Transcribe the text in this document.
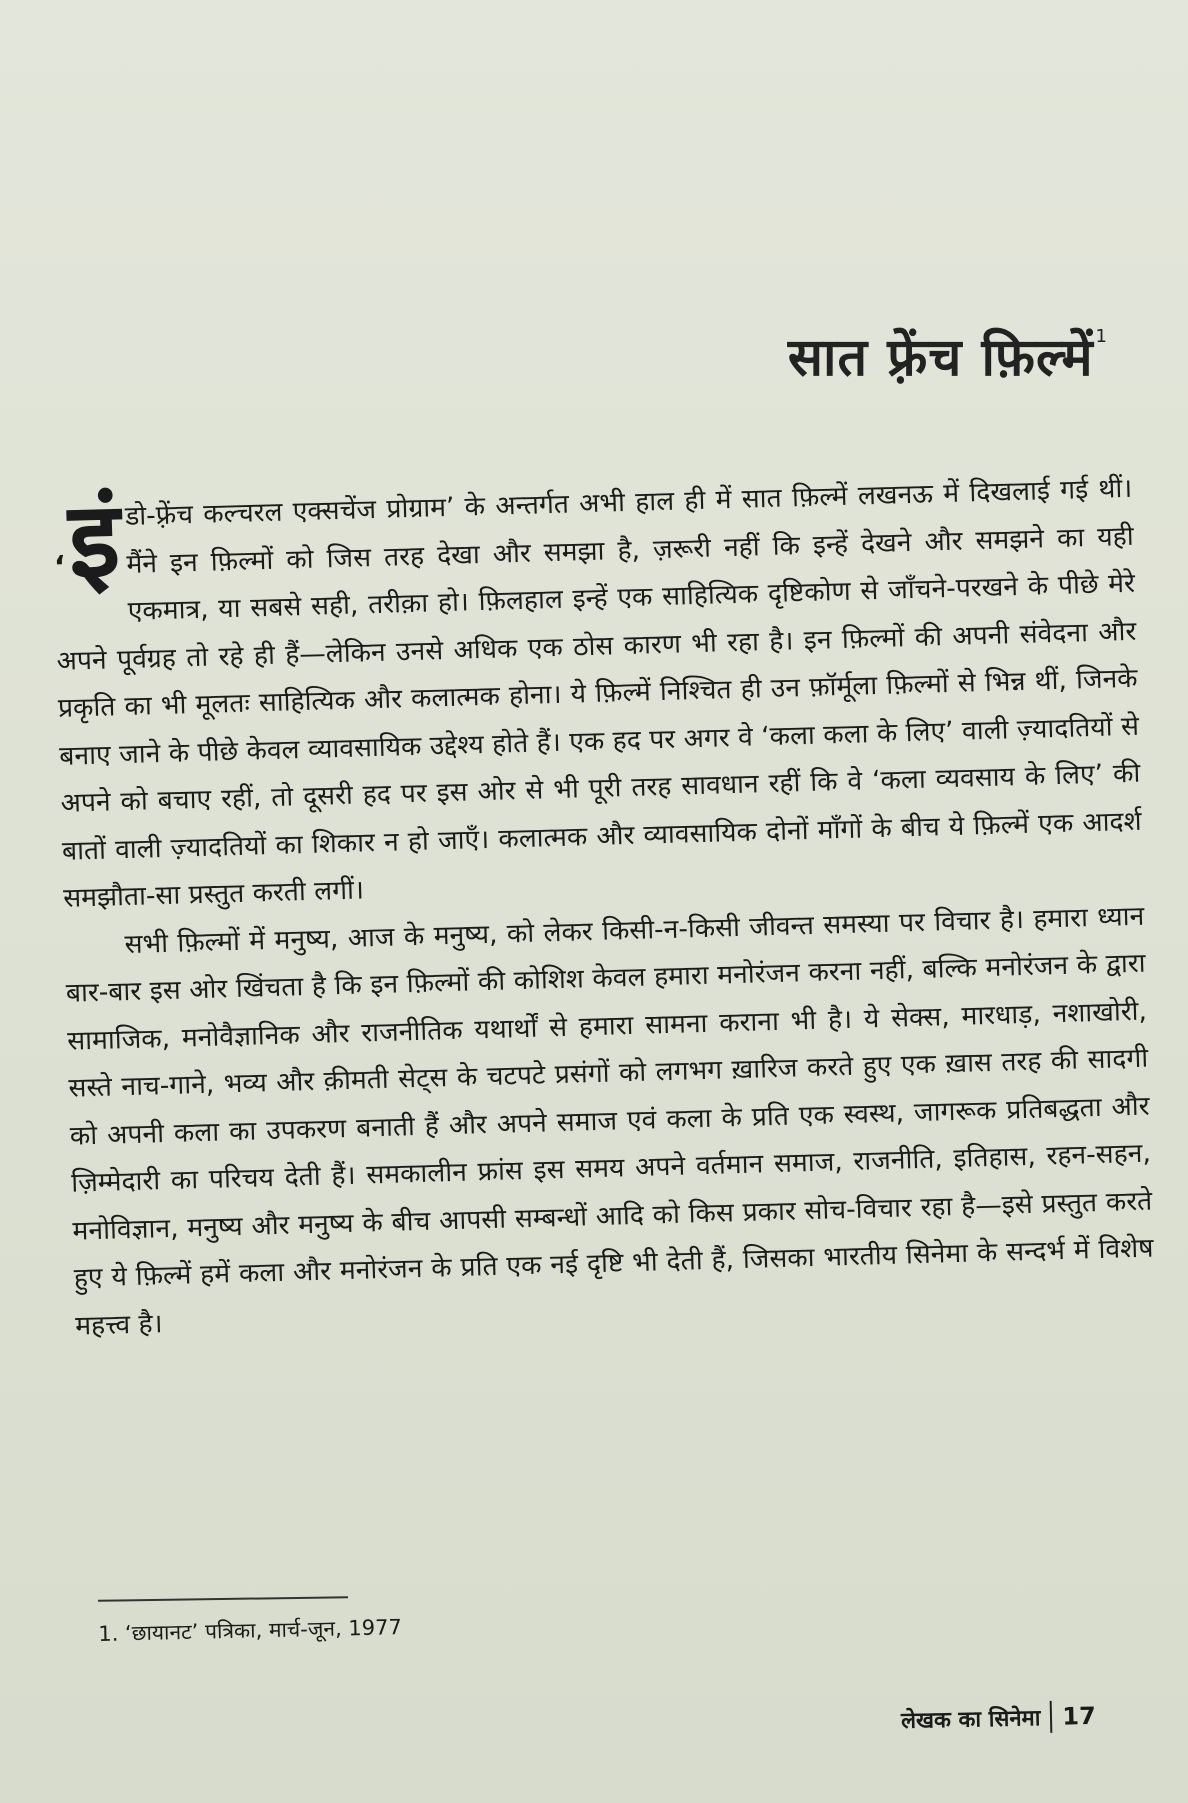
सात फ़्रेंच फ़िल्में $^1$

‘इं डो-फ़्रेंच कल्चरल एक्सचेंज प्रोग्राम’ के अन्तर्गत अभी हाल ही में सात फ़िल्में लखनऊ में दिखलाई गई थीं। मैंने इन फ़िल्मों को जिस तरह देखा और समझा है, ज़रूरी नहीं कि इन्हें देखने और समझने का यही एकमात्र, या सबसे सही, तरीक़ा हो। फ़िलहाल इन्हें एक साहित्यिक दृष्टिकोण से जाँचने-परखने के पीछे मेरे अपने पूर्वग्रह तो रहे ही हैं—लेकिन उनसे अधिक एक ठोस कारण भी रहा है। इन फ़िल्मों की अपनी संवेदना और प्रकृति का भी मूलतः साहित्यिक और कलात्मक होना। ये फ़िल्में निश्चित ही उन फ़ॉर्मूला फ़िल्मों से भिन्न थीं, जिनके बनाए जाने के पीछे केवल व्यावसायिक उद्देश्य होते हैं। एक हद पर अगर वे ‘कला कला के लिए’ वाली ज़्यादतियों से अपने को बचाए रहीं, तो दूसरी हद पर इस ओर से भी पूरी तरह सावधान रहीं कि वे ‘कला व्यवसाय के लिए’ की बातों वाली ज़्यादतियों का शिकार न हो जाएँ। कलात्मक और व्यावसायिक दोनों माँगों के बीच ये फ़िल्में एक आदर्श समझौता-सा प्रस्तुत करती लगीं।

सभी फ़िल्मों में मनुष्य, आज के मनुष्य, को लेकर किसी-न-किसी जीवन्त समस्या पर विचार है। हमारा ध्यान बार-बार इस ओर खिंचता है कि इन फ़िल्मों की कोशिश केवल हमारा मनोरंजन करना नहीं, बल्कि मनोरंजन के द्वारा सामाजिक, मनोवैज्ञानिक और राजनीतिक यथार्थों से हमारा सामना कराना भी है। ये सेक्स, मारधाड़, नशाखोरी, सस्ते नाच-गाने, भव्य और क़ीमती सेट्स के चटपटे प्रसंगों को लगभग ख़ारिज करते हुए एक ख़ास तरह की सादगी को अपनी कला का उपकरण बनाती हैं और अपने समाज एवं कला के प्रति एक स्वस्थ, जागरूक प्रतिबद्धता और ज़िम्मेदारी का परिचय देती हैं। समकालीन फ्रांस इस समय अपने वर्तमान समाज, राजनीति, इतिहास, रहन-सहन, मनोविज्ञान, मनुष्य और मनुष्य के बीच आपसी सम्बन्धों आदि को किस प्रकार सोच-विचार रहा है—इसे प्रस्तुत करते हुए ये फ़िल्में हमें कला और मनोरंजन के प्रति एक नई दृष्टि भी देती हैं, जिसका भारतीय सिनेमा के सन्दर्भ में विशेष महत्त्व है।

1. ‘छायानट’ पत्रिका, मार्च-जून, 1977
लेखक का सिनेमा 17
